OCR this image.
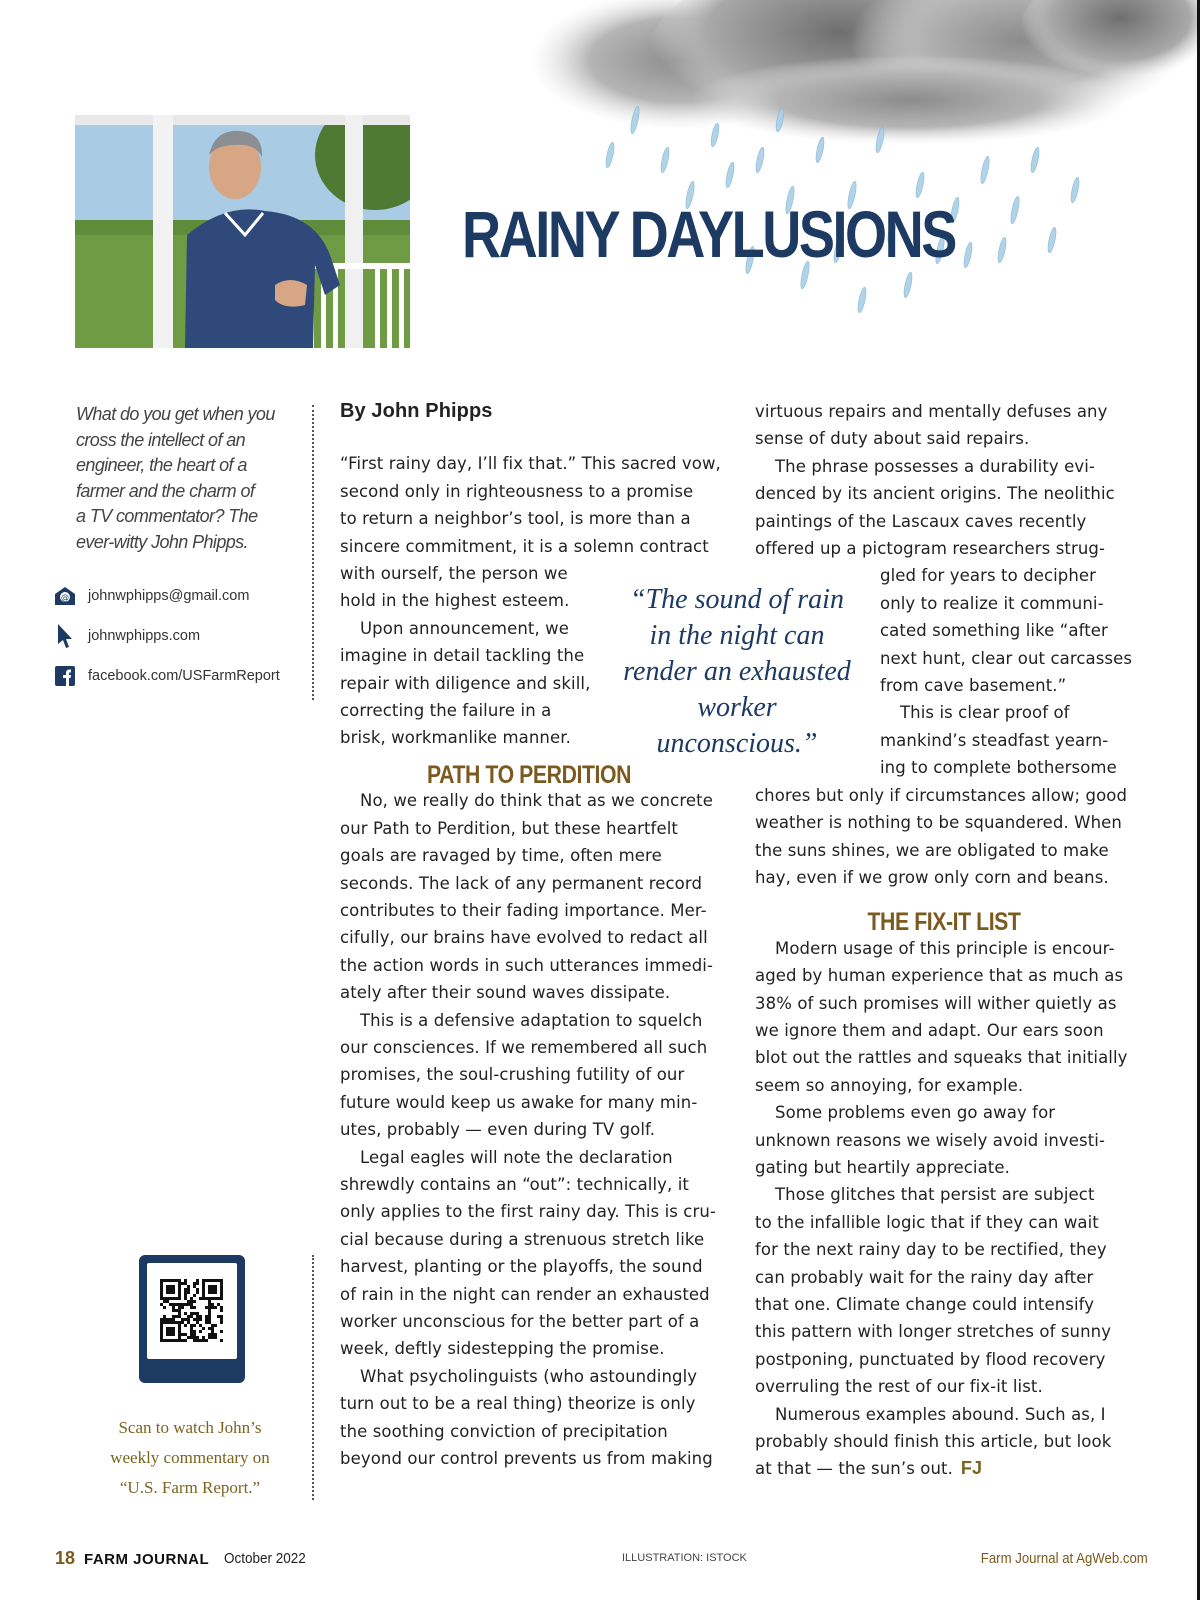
RAINY DAYLUSIONS
What do you get when you
cross the intellect of an
engineer, the heart of a
farmer and the charm of
a TV commentator? The
ever-witty John Phipps.
@ johnwphipps@gmail.com
johnwphipps.com
facebook.com/USFarmReport
Scan to watch John’s
weekly commentary on
“U.S. Farm Report.”
By John Phipps

“First rainy day, I’ll fix that.” This sacred vow,

second only in righteousness to a promise

to return a neighbor’s tool, is more than a

sincere commitment, it is a solemn contract

with ourself, the person we

hold in the highest esteem.

Upon announcement, we

imagine in detail tackling the

repair with diligence and skill,

correcting the failure in a

brisk, workmanlike manner.

PATH TO PERDITION

No, we really do think that as we concrete

our Path to Perdition, but these heartfelt

goals are ravaged by time, often mere

seconds. The lack of any permanent record

contributes to their fading importance. Mer-

cifully, our brains have evolved to redact all

the action words in such utterances immedi-

ately after their sound waves dissipate.

This is a defensive adaptation to squelch

our consciences. If we remembered all such

promises, the soul-crushing futility of our

future would keep us awake for many min-

utes, probably — even during TV golf.

Legal eagles will note the declaration

shrewdly contains an “out”: technically, it

only applies to the first rainy day. This is cru-

cial because during a strenuous stretch like

harvest, planting or the playoffs, the sound

of rain in the night can render an exhausted

worker unconscious for the better part of a

week, deftly sidestepping the promise.

What psycholinguists (who astoundingly

turn out to be a real thing) theorize is only

the soothing conviction of precipitation

beyond our control prevents us from making

“The sound of rain in the night can render an exhausted worker unconscious.”

virtuous repairs and mentally defuses any

sense of duty about said repairs.

The phrase possesses a durability evi-

denced by its ancient origins. The neolithic

paintings of the Lascaux caves recently

offered up a pictogram researchers strug-

gled for years to decipher

only to realize it communi-

cated something like “after

next hunt, clear out carcasses

from cave basement.”

This is clear proof of

mankind’s steadfast yearn-

ing to complete bothersome

chores but only if circumstances allow; good

weather is nothing to be squandered. When

the suns shines, we are obligated to make

hay, even if we grow only corn and beans.

THE FIX-IT LIST

Modern usage of this principle is encour-

aged by human experience that as much as

38% of such promises will wither quietly as

we ignore them and adapt. Our ears soon

blot out the rattles and squeaks that initially

seem so annoying, for example.

Some problems even go away for

unknown reasons we wisely avoid investi-

gating but heartily appreciate.

Those glitches that persist are subject

to the infallible logic that if they can wait

for the next rainy day to be rectified, they

can probably wait for the rainy day after

that one. Climate change could intensify

this pattern with longer stretches of sunny

postponing, punctuated by flood recovery

overruling the rest of our fix-it list.

Numerous examples abound. Such as, I

probably should finish this article, but look

at that — the sun’s out. FJ

18 FARM JOURNAL October 2022	ILLUSTRATION: ISTOCK	Farm Journal at AgWeb.com
